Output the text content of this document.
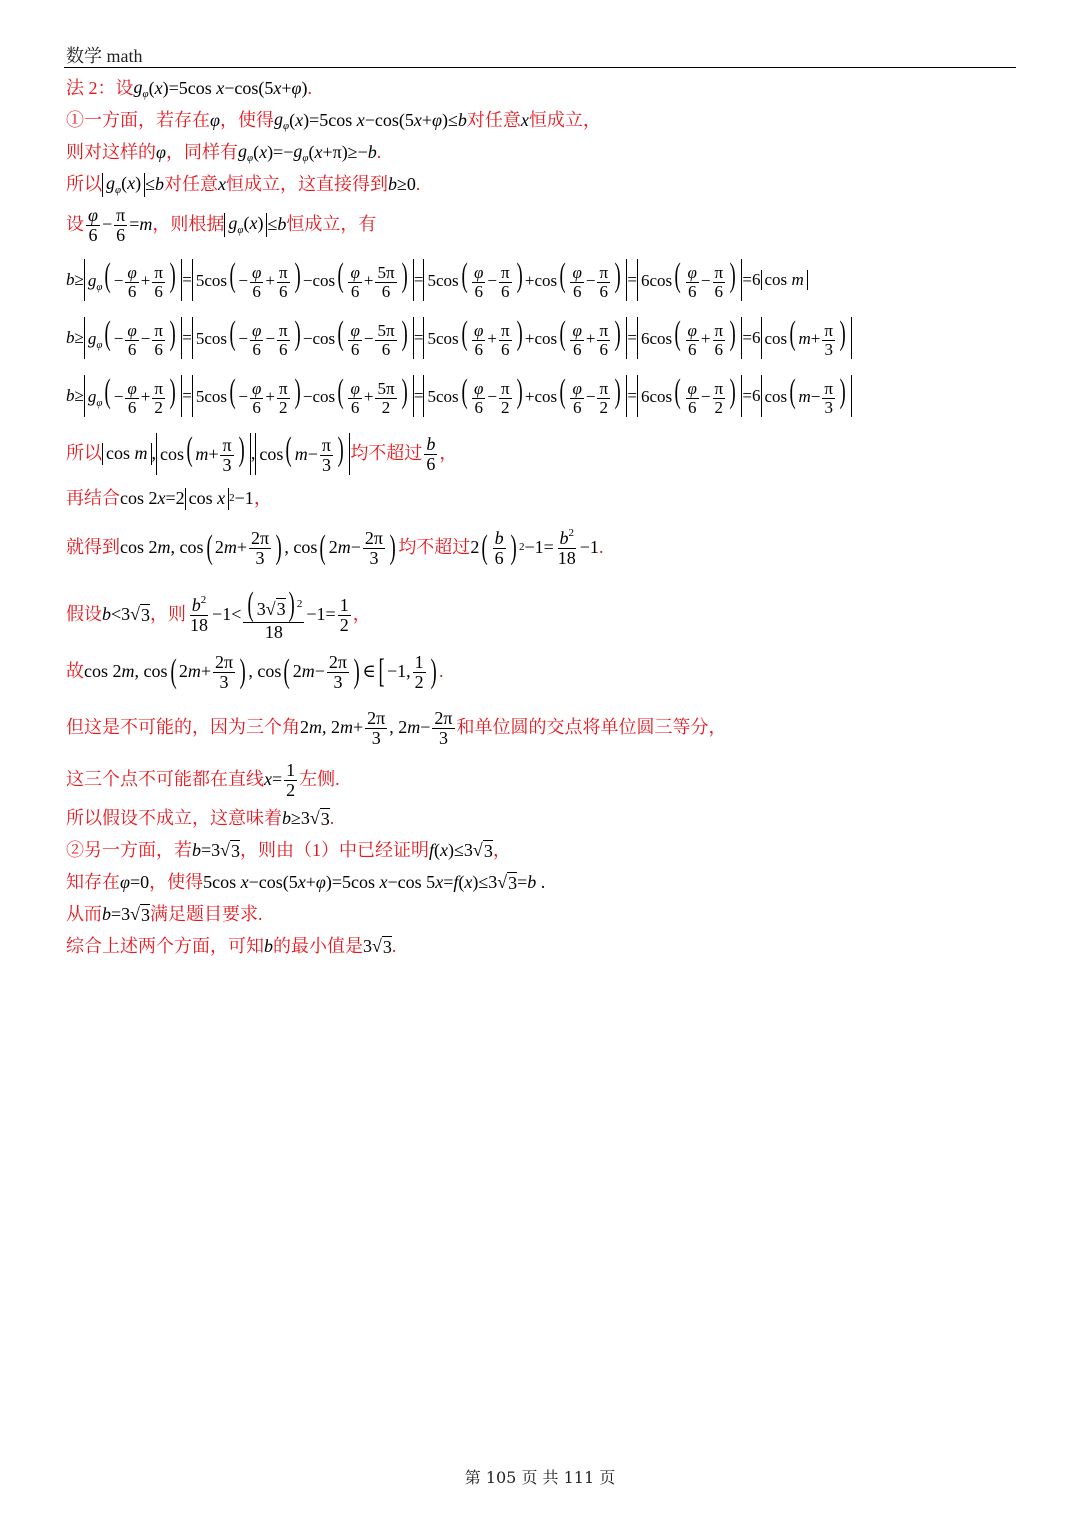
数学 math
法 2：设 $g_\varphi$ ( x )=5cos x −cos(5 x + φ ) .
①一方面，若存在 φ ，使得 $g_\varphi$ ( x )=5cos x −cos(5 x + φ )≤ b 对任意 x 恒成立，
则对这样的 φ ，同样有 $g_\varphi$ ( x )=− $g_\varphi$ ( x +π)≥− b .
所以 $g_\varphi(x) \le b$ 对任意 x 恒成立，这直接得到 b ≥0 .
设 $\frac{\varphi}{6} - \frac{\pi}{6} = m$ ，则根据 $g_\varphi(x) \le b$ 恒成立，有
$b \ge g_\varphi( - \frac{\varphi}{6} + \frac{\pi}{6}$ ) = $5\cos( - \frac{\varphi}{6} + \frac{\pi}{6}$ ) $-\cos( \frac{\varphi}{6} + \frac{5\pi}{6}$ ) = $5\cos( \frac{\varphi}{6} - \frac{\pi}{6}$ ) $+\cos( \frac{\varphi}{6} - \frac{\pi}{6}$ ) = $6\cos( \frac{\varphi}{6} - \frac{\pi}{6}$ ) =6 cos m
$b \ge g_\varphi( - \frac{\varphi}{6} - \frac{\pi}{6}$ ) = $5\cos( - \frac{\varphi}{6} - \frac{\pi}{6}$ ) $-\cos( \frac{\varphi}{6} - \frac{5\pi}{6}$ ) = $5\cos( \frac{\varphi}{6} + \frac{\pi}{6}$ ) $+\cos( \frac{\varphi}{6} + \frac{\pi}{6}$ ) = $6\cos( \frac{\varphi}{6} + \frac{\pi}{6}$ ) =6 cos( $m+ \frac{\pi}{3}$ )
$b \ge g_\varphi( - \frac{\varphi}{6} + \frac{\pi}{2}$ ) = $5\cos( - \frac{\varphi}{6} + \frac{\pi}{2}$ ) $-\cos( \frac{\varphi}{6} + \frac{5\pi}{2}$ ) = $5\cos( \frac{\varphi}{6} - \frac{\pi}{2}$ ) $+\cos( \frac{\varphi}{6} - \frac{\pi}{2}$ ) = $6\cos( \frac{\varphi}{6} - \frac{\pi}{2}$ ) =6 cos( $m- \frac{\pi}{3}$ )
所以 cos m , cos( $m+ \frac{\pi}{3}$ ) , cos( $m- \frac{\pi}{3}$ ) 均不超过 $\frac{b}{6}$ ，
再结合 cos 2 x =2 cos x 2 −1 ，
就得到 cos 2 m , cos ( 2 $m + \frac{2\pi}{3}$ ) , cos ( 2 $m - \frac{2\pi}{3}$ ) 均不超过 2 ( $\frac{b}{6}$ ) $2 -1= \frac{b^2}{18} -1$ .
假设 b <3 √ 3 ，则 $\frac{b^2}{18} -1< \frac{( 3√3) ^2}{18} -1= \frac{1}{2}$ ，
故 cos 2 m , cos ( 2 $m + \frac{2\pi}{3}$ ) , cos ( 2 $m - \frac{2\pi}{3}$ ) ∈ [ −1, $\frac{1}{2}$ ) .
但这是不可能的，因为三个角 2 m , 2 $m + \frac{2\pi}{3}$ , 2 $m - \frac{2\pi}{3}$ 和单位圆的交点将单位圆三等分，
这三个点不可能都在直线 $x = \frac{1}{2}$ 左侧.
所以假设不成立，这意味着 b ≥3√ 3 .
②另一方面，若 b =3√ 3 ，则由（1）中已经证明 f ( x )≤3√ 3 ，
知存在 φ =0 ，使得 5cos x −cos(5 x + φ )=5cos x −cos 5 x = f ( x )≤3√ 3 = b .
从而 b =3√ 3 满足题目要求.
综合上述两个方面，可知 b 的最小值是 3√ 3 .
第 105 页 共 111 页
